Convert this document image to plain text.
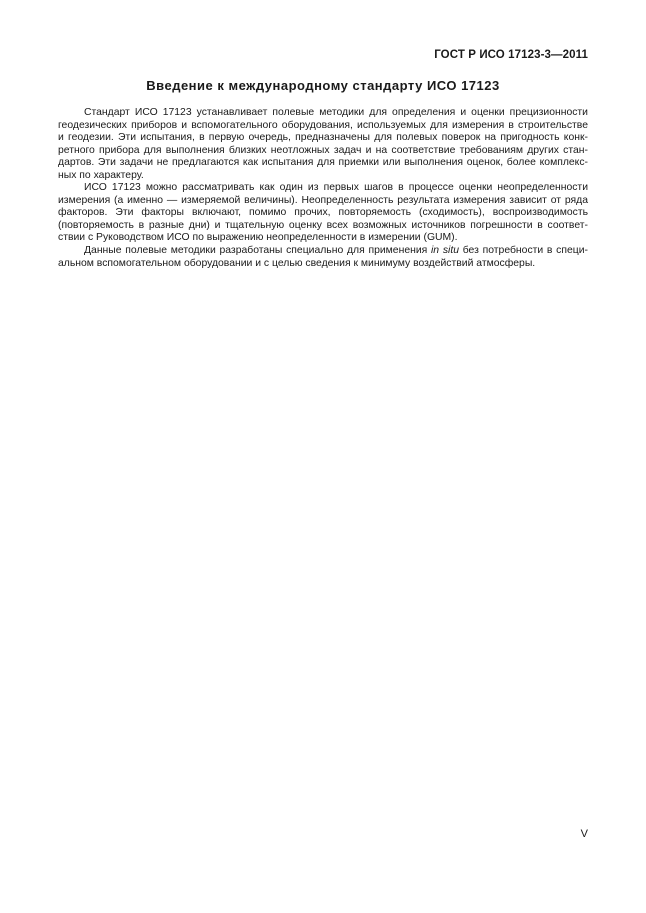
ГОСТ Р ИСО 17123-3—2011
Введение к международному стандарту ИСО 17123
Стандарт ИСО 17123 устанавливает полевые методики для определения и оценки прецизионности
геодезических приборов и вспомогательного оборудования, используемых для измерения в строительстве
и геодезии. Эти испытания, в первую очередь, предназначены для полевых поверок на пригодность конк-
ретного прибора для выполнения близких неотложных задач и на соответствие требованиям других стан-
дартов. Эти задачи не предлагаются как испытания для приемки или выполнения оценок, более комплекс-
ных по характеру.
ИСО 17123 можно рассматривать как один из первых шагов в процессе оценки неопределенности
измерения (а именно — измеряемой величины). Неопределенность результата измерения зависит от ряда
факторов. Эти факторы включают, помимо прочих, повторяемость (сходимость), воспроизводимость
(повторяемость в разные дни) и тщательную оценку всех возможных источников погрешности в соответ-
ствии с Руководством ИСО по выражению неопределенности в измерении (GUM).
Данные полевые методики разработаны специально для применения in situ без потребности в специ-
альном вспомогательном оборудовании и с целью сведения к минимуму воздействий атмосферы.
V
